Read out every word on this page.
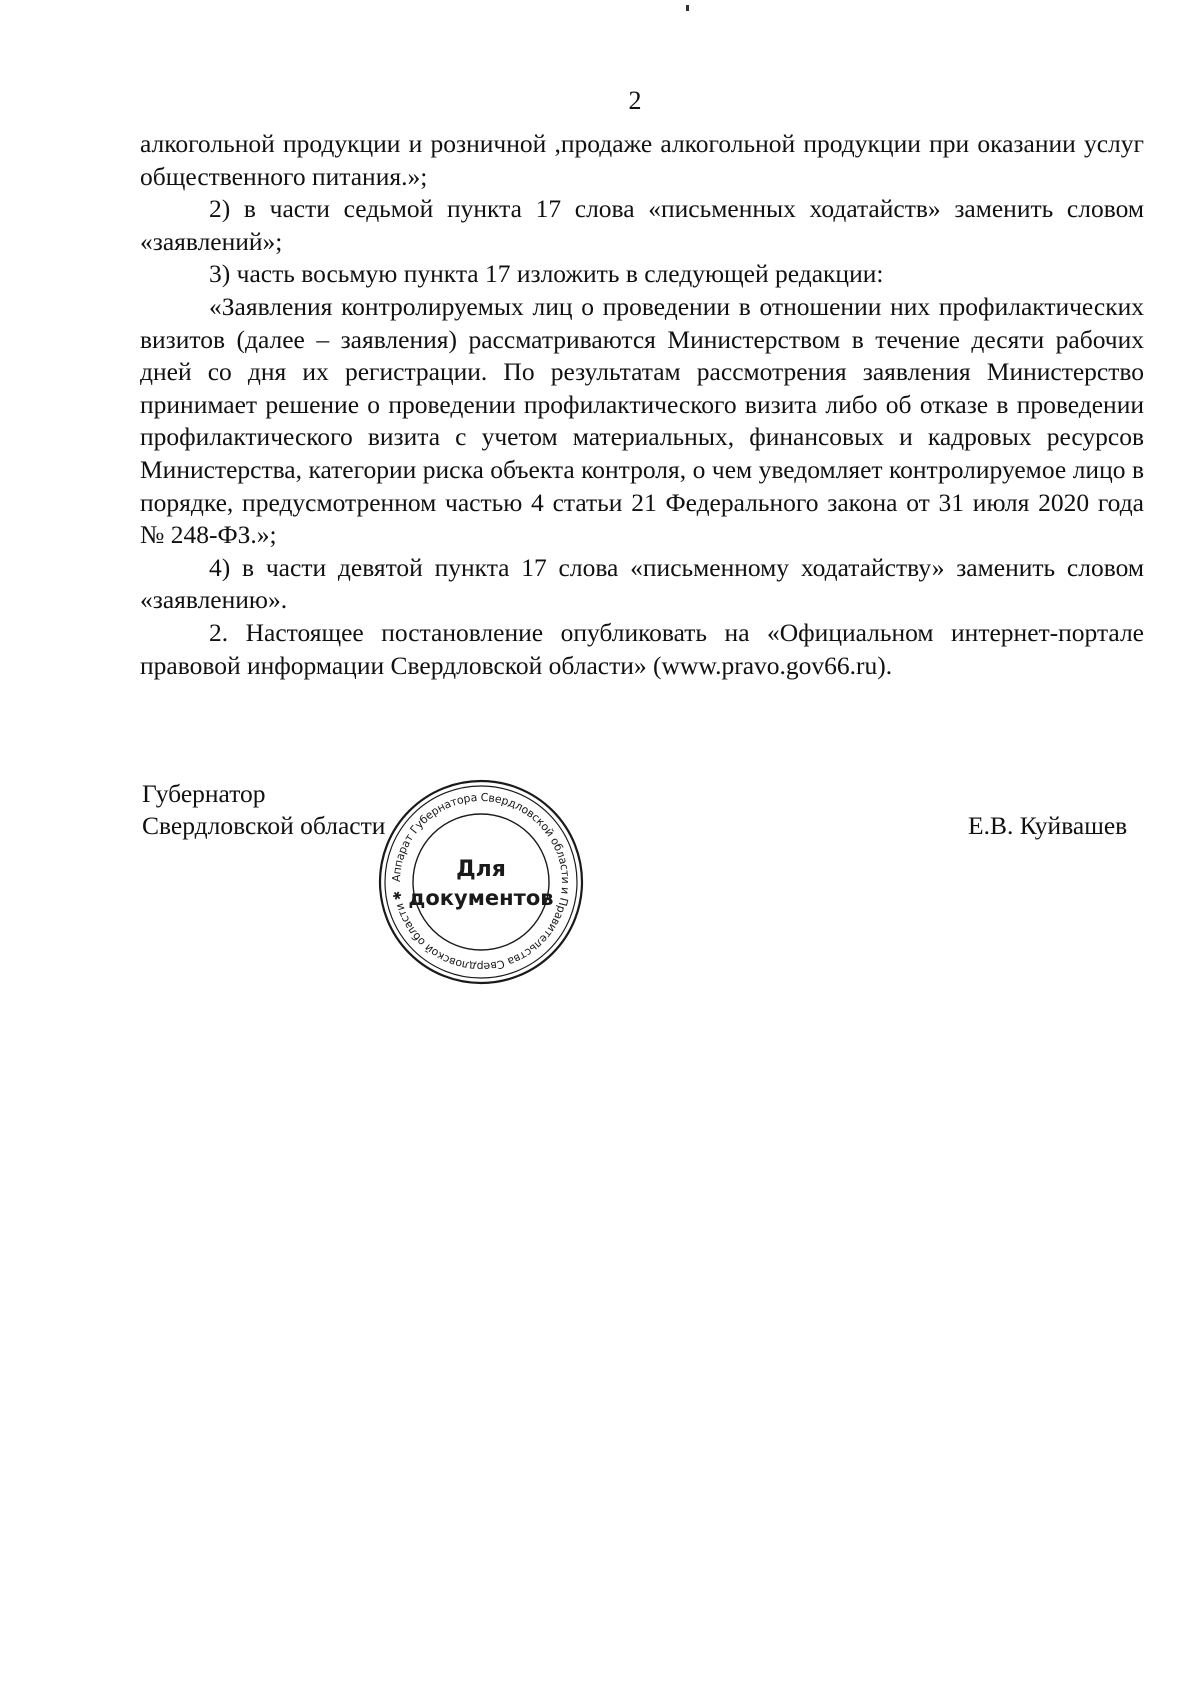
2

алкогольной продукции и розничной ,продаже алкогольной продукции при оказании услуг общественного питания.»;

2) в части седьмой пункта 17 слова «письменных ходатайств» заменить словом «заявлений»;

3) часть восьмую пункта 17 изложить в следующей редакции:

«Заявления контролируемых лиц о проведении в отношении них профилактических визитов (далее – заявления) рассматриваются Министерством в течение десяти рабочих дней со дня их регистрации. По результатам рассмотрения заявления Министерство принимает решение о проведении профилактического визита либо об отказе в проведении профилактического визита с учетом материальных, финансовых и кадровых ресурсов Министерства, категории риска объекта контроля, о чем уведомляет контролируемое лицо в порядке, предусмотренном частью 4 статьи 21 Федерального закона от 31 июля 2020 года № 248-ФЗ.»;

4) в части девятой пункта 17 слова «письменному ходатайству» заменить словом «заявлению».

2. Настоящее постановление опубликовать на «Официальном интернет-портале правовой информации Свердловской области» (www.pravo.gov66.ru).

Губернатор
Свердловской области	Е.В. Куйвашев
Аппарат Губернатора Свердловской области и Правительства Свердловской области ✱
Для
документов
